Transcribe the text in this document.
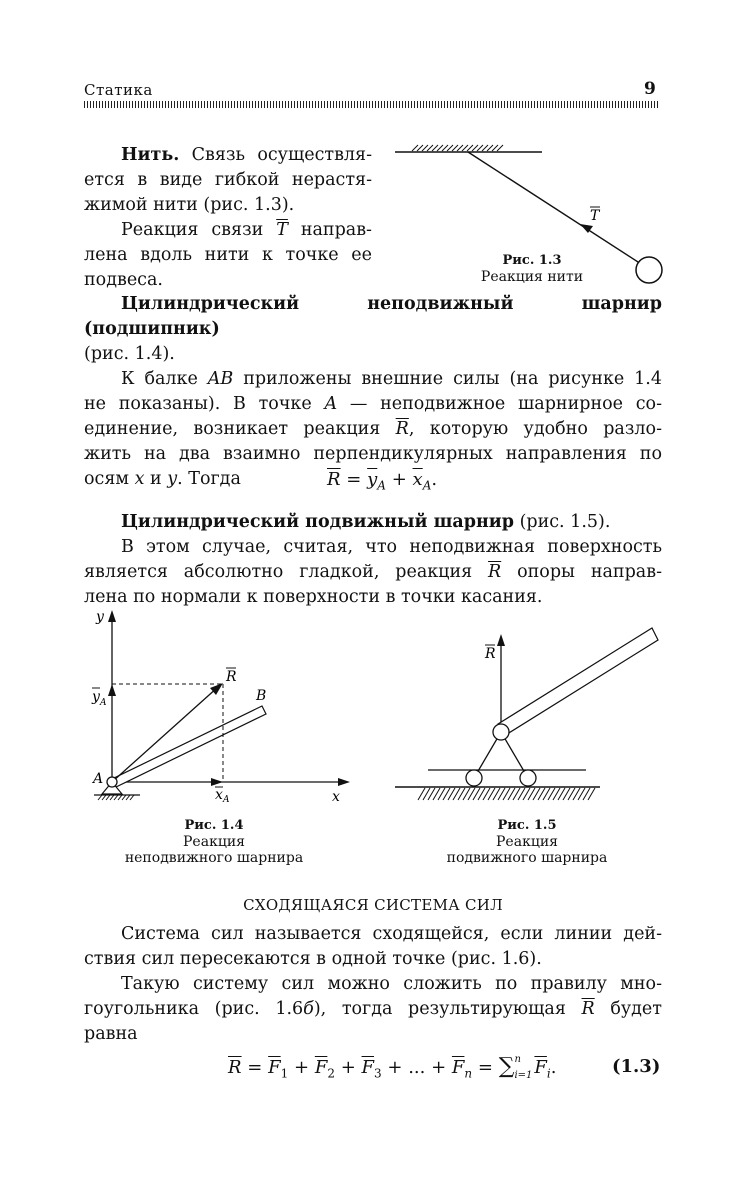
Статика	9
Нить. Связь осуществля-
ется в виде гибкой нерастя-
жимой нити (рис. 1.3).
Реакция связи $\overline{T}$ направ-
лена вдоль нити к точке ее
подвеса.
T
Рис. 1.3
Реакция нити
Цилиндрический неподвижный шарнир (подшипник)
(рис. 1.4).
К балке AB приложены внешние силы (на рисунке 1.4
не показаны). В точке A — неподвижное шарнирное со-
единение, возникает реакция $\overline{R}$, которую удобно разло-
жить на два взаимно перпендикулярных направления по
осям x и y. Тогда	$\overline{R} = \overline{y}_A + \overline{x}_A$.
Цилиндрический подвижный шарнир (рис. 1.5).
В этом случае, считая, что неподвижная поверхность
является абсолютно гладкой, реакция $\overline{R}$ опоры направ-
лена по нормали к поверхности в точки касания.
y
x
B
R
y A
x A
A
Рис. 1.4
Реакция
неподвижного шарнира
R
Рис. 1.5
Реакция
подвижного шарнира
СХОДЯЩАЯСЯ СИСТЕМА СИЛ
Система сил называется сходящейся, если линии дей-
ствия сил пересекаются в одной точке (рис. 1.6).
Такую систему сил можно сложить по правилу мно-
гоугольника (рис. 1.6б), тогда результирующая $\overline{R}$ будет
равна
$\overline{R} = \overline{F}_1 + \overline{F}_2 + \overline{F}_3$ + ... + $\overline{F}_n$ = ∑ n
i=1 $\overline{F}_i$.	(1.3)
